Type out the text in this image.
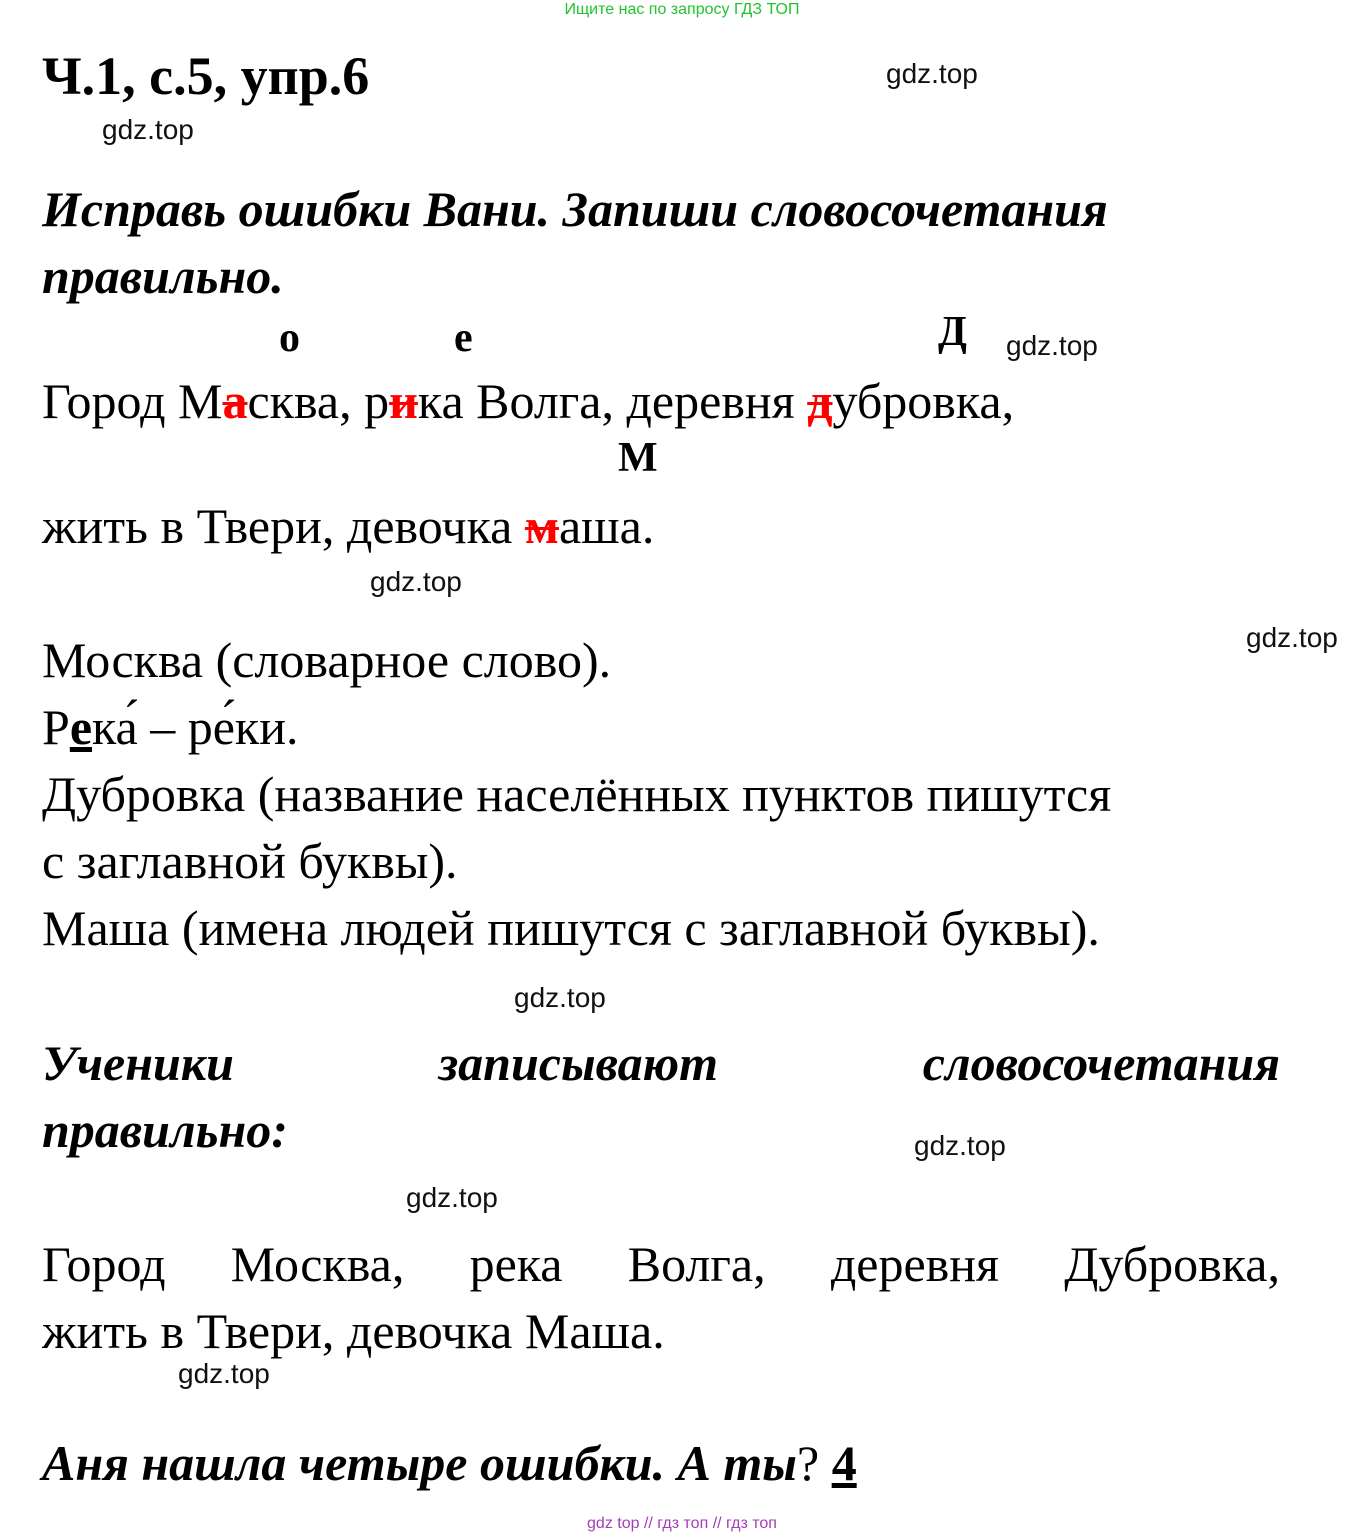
Ищите нас по запросу ГДЗ ТОП
Ч.1, с.5, упр.6	gdz.top
gdz.top
Исправь ошибки Вани. Запиши словосочетания
правильно.
о	е	Д gdz.top
Город Масква, рика Волга, деревня дубровка,
М
жить в Твери, девочка маша.
gdz.top
gdz.top
Москва (словарное слово).
Река́ – ре́ки.
Дубровка (название населённых пунктов пишутся
с заглавной буквы).
Маша (имена людей пишутся с заглавной буквы).
gdz.top
Ученики	записывают	словосочетания
правильно:	gdz.top
gdz.top
Город Москва, река Волга, деревня Дубровка,
жить в Твери, девочка Маша.
gdz.top
Аня нашла четыре ошибки. А ты? 4
gdz top // гдз топ // гдз топ
